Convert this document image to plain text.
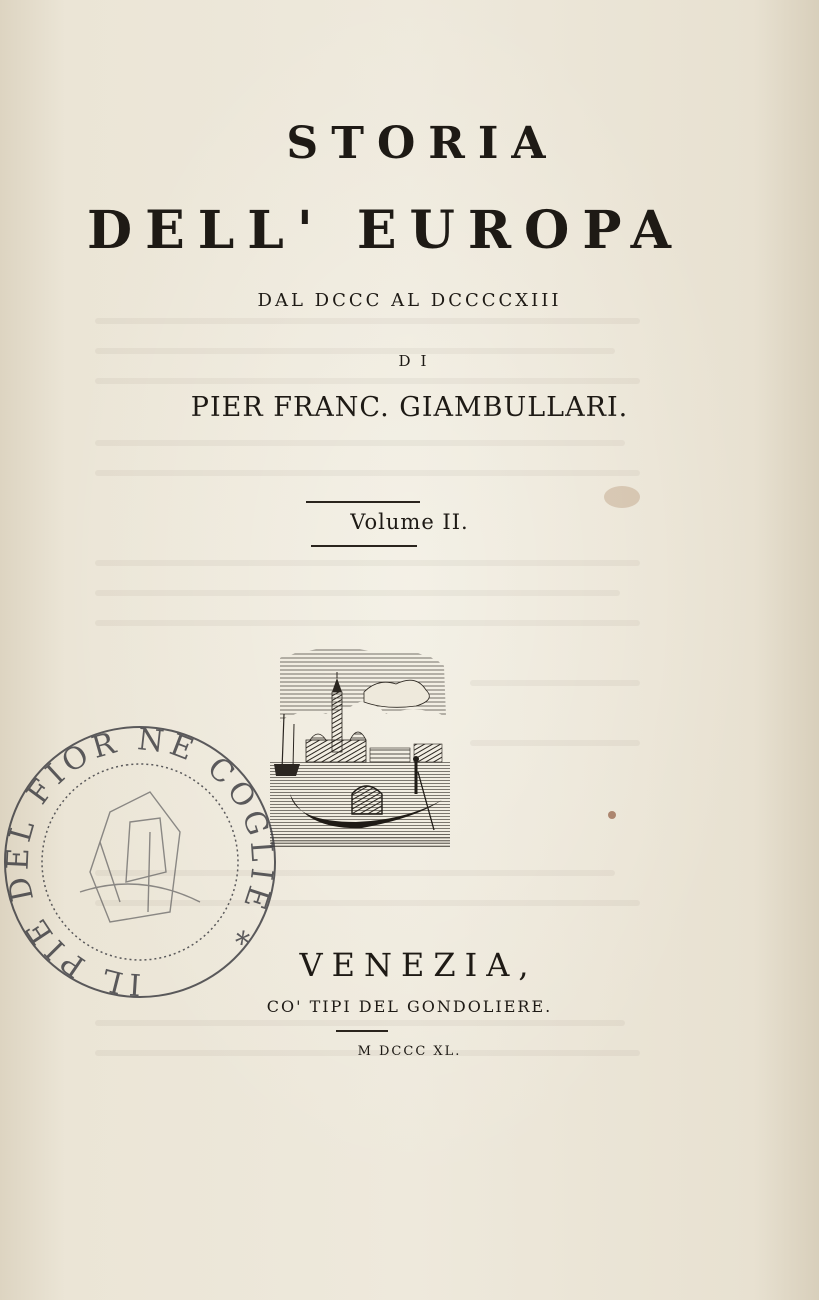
STORIA
DELL' EUROPA
DAL DCCC AL DCCCCXIII
DI
PIER FRANC. GIAMBULLARI.
Volume II.
IL PIE DEL FIOR NE COGLIE *
VENEZIA,
CO' TIPI DEL GONDOLIERE.
M DCCC XL.
